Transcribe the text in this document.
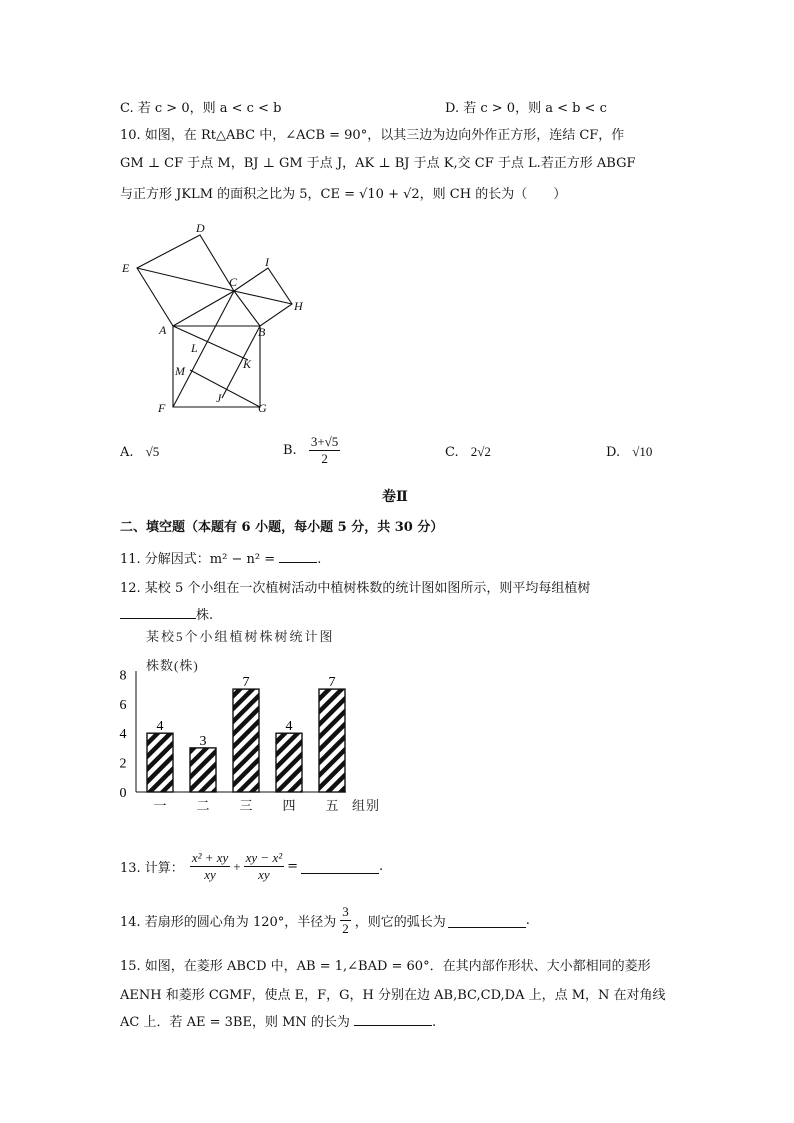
C. 若 c > 0，则 a < c < b	D. 若 c > 0，则 a < b < c
10. 如图，在 Rt△ABC 中，∠ACB = 90°，以其三边为边向外作正方形，连结 CF，作
GM ⊥ CF 于点 M，BJ ⊥ GM 于点 J，AK ⊥ BJ 于点 K,交 CF 于点 L.若正方形 ABGF
与正方形 JKLM 的面积之比为 5，CE = √10 + √2，则 CH 的长为（　　）
D
E
C
I
H
A	B
L
M	K
F
J
G
A. √5	B. $\frac{3+√5}{2}$	C. 2√2	D. √10
卷Ⅱ
二、填空题（本题有 6 小题，每小题 5 分，共 30 分）
11. 分解因式：m² − n² =	.
12. 某校 5 个小组在一次植树活动中植树株数的统计图如图所示，则平均每组植树
株.
某校5个小组植树株树统计图
株数(株)
组别
0
2
4
6
8
4
一
3
二
7
三
4
四
7
五
13. 计算： $\frac{\text{x² + xy}}{xy} + \frac{\text{xy − x²}}{xy}$ =	.
14. 若扇形的圆心角为 120°，半径为 $\frac{3}{2}$ ，则它的弧长为	.
15. 如图，在菱形 ABCD 中，AB = 1,∠BAD = 60°．在其内部作形状、大小都相同的菱形
AENH 和菱形 CGMF，使点 E，F，G，H 分别在边 AB,BC,CD,DA 上，点 M，N 在对角线
AC 上．若 AE = 3BE，则 MN 的长为	.
